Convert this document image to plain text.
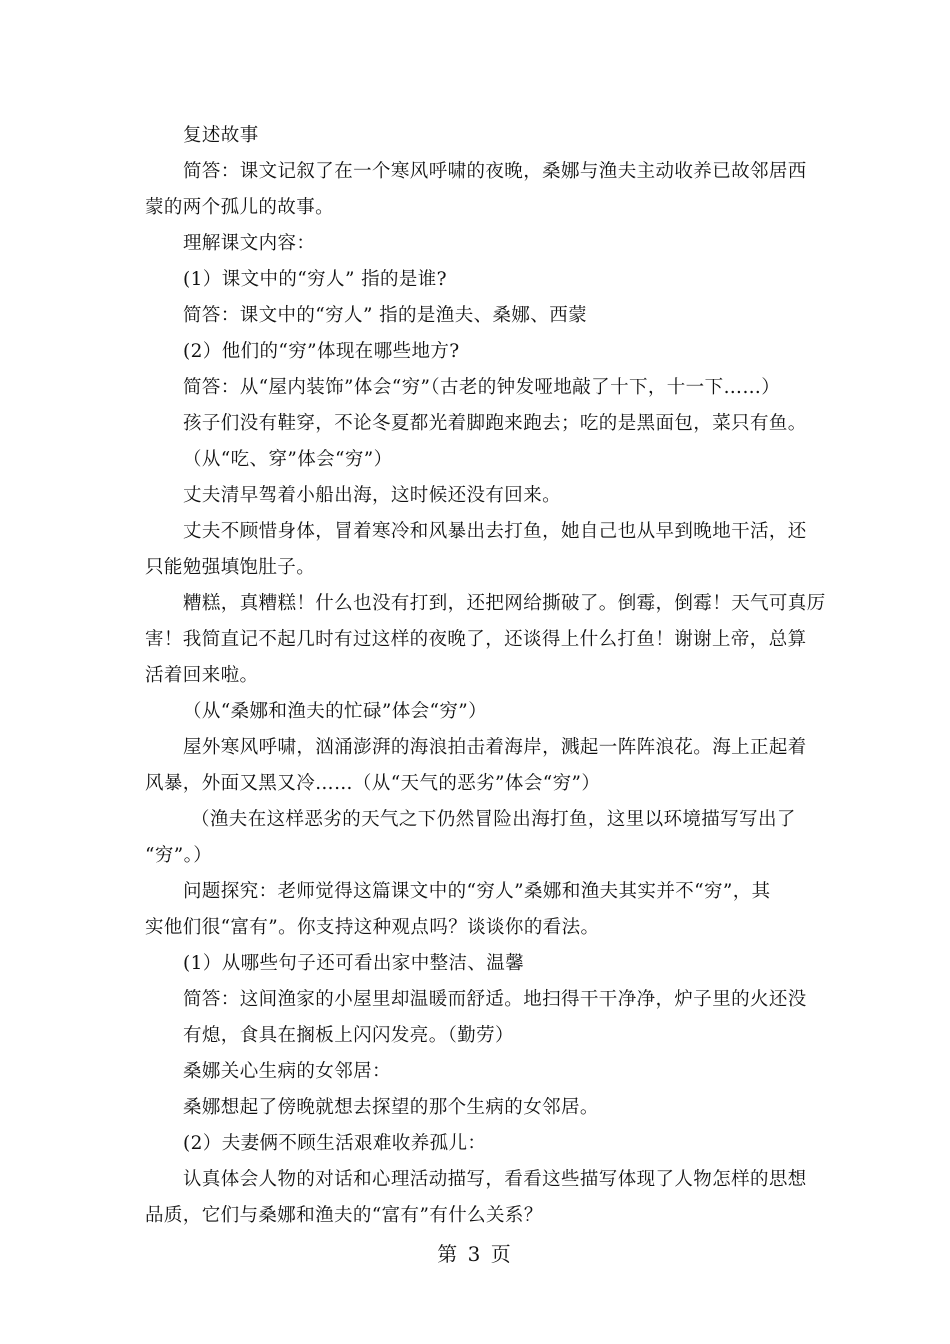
复述故事
简答：课文记叙了在一个寒风呼啸的夜晚，桑娜与渔夫主动收养已故邻居西
蒙的两个孤儿的故事。
理解课文内容：
(1）课文中的“穷人” 指的是谁?
简答：课文中的“穷人” 指的是渔夫、桑娜、西蒙
(2）他们的“穷”体现在哪些地方?
简答：从“屋内装饰”体会“穷”（古老的钟发哑地敲了十下，十一下……）
孩子们没有鞋穿，不论冬夏都光着脚跑来跑去；吃的是黑面包，菜只有鱼。
（从“吃、穿”体会“穷”）
丈夫清早驾着小船出海，这时候还没有回来。
丈夫不顾惜身体，冒着寒冷和风暴出去打鱼，她自己也从早到晚地干活，还
只能勉强填饱肚子。
糟糕，真糟糕！什么也没有打到，还把网给撕破了。倒霉，倒霉！天气可真厉
害！我简直记不起几时有过这样的夜晚了，还谈得上什么打鱼！谢谢上帝，总算
活着回来啦。
（从“桑娜和渔夫的忙碌”体会“穷”）
屋外寒风呼啸，汹涌澎湃的海浪拍击着海岸，溅起一阵阵浪花。海上正起着
风暴，外面又黑又冷……（从“天气的恶劣”体会“穷”）
（渔夫在这样恶劣的天气之下仍然冒险出海打鱼，这里以环境描写写出了
“穷”。）
问题探究：老师觉得这篇课文中的“穷人”桑娜和渔夫其实并不“穷”，其
实他们很“富有”。你支持这种观点吗？谈谈你的看法。
(1）从哪些句子还可看出家中整洁、温馨
简答：这间渔家的小屋里却温暖而舒适。地扫得干干净净，炉子里的火还没
有熄，食具在搁板上闪闪发亮。（勤劳）
桑娜关心生病的女邻居：
桑娜想起了傍晚就想去探望的那个生病的女邻居。
(2）夫妻俩不顾生活艰难收养孤儿：
认真体会人物的对话和心理活动描写，看看这些描写体现了人物怎样的思想
品质，它们与桑娜和渔夫的“富有”有什么关系？
第 3 页
